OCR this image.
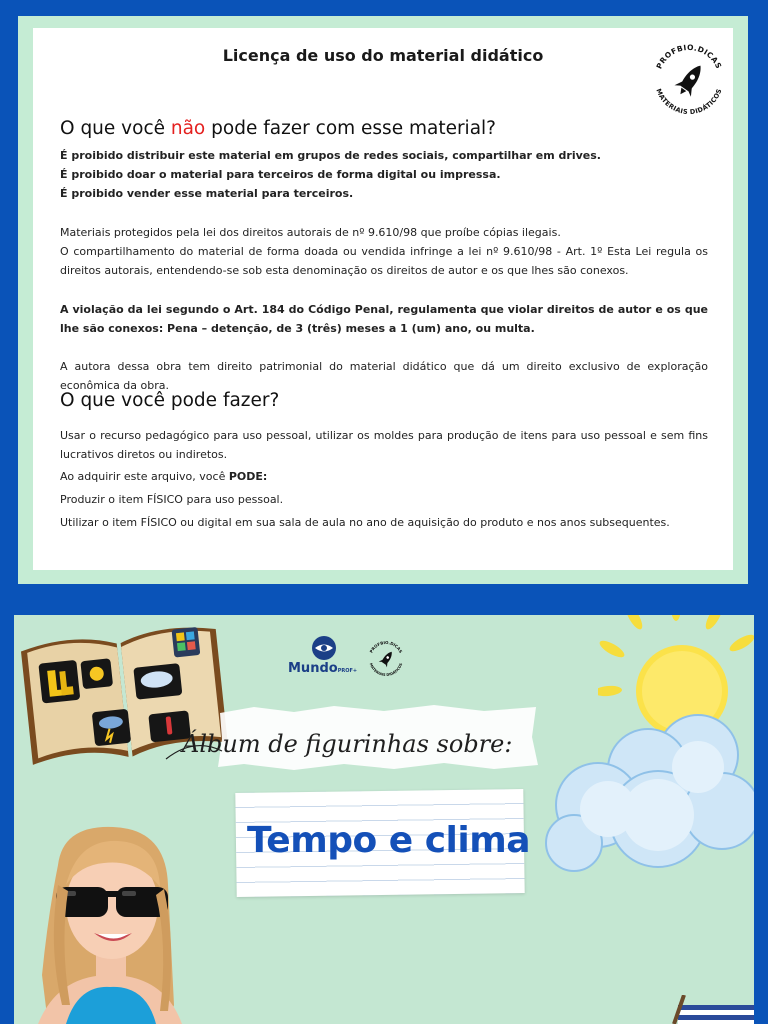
Licença de uso do material didático
PROFBIO.DICAS
MATERIAIS DIDÁTICOS
O que você não pode fazer com esse material?
É proibido distribuir este material em grupos de redes sociais, compartilhar em drives.
É proibido doar o material para terceiros de forma digital ou impressa.
É proibido vender esse material para terceiros.
Materiais protegidos pela lei dos direitos autorais de nº 9.610/98 que proíbe cópias ilegais.
O compartilhamento do material de forma doada ou vendida infringe a lei nº 9.610/98 - Art. 1º Esta Lei regula os direitos autorais, entendendo-se sob esta denominação os direitos de autor e os que lhes são conexos.
A violação da lei segundo o Art. 184 do Código Penal, regulamenta que violar direitos de autor e os que lhe são conexos: Pena – detenção, de 3 (três) meses a 1 (um) ano, ou multa.
A autora dessa obra tem direito patrimonial do material didático que dá um direito exclusivo de exploração econômica da obra.
O que você pode fazer?
Usar o recurso pedagógico para uso pessoal, utilizar os moldes para produção de itens para uso pessoal e sem fins lucrativos diretos ou indiretos.
Ao adquirir este arquivo, você PODE:
Produzir o item FÍSICO para uso pessoal.
Utilizar o item FÍSICO ou digital em sua sala de aula no ano de aquisição do produto e nos anos subsequentes.
MundoPROF+
PROFBIO.DICAS
MATERIAIS DIDÁTICOS
Álbum de figurinhas sobre:
Tempo e clima
